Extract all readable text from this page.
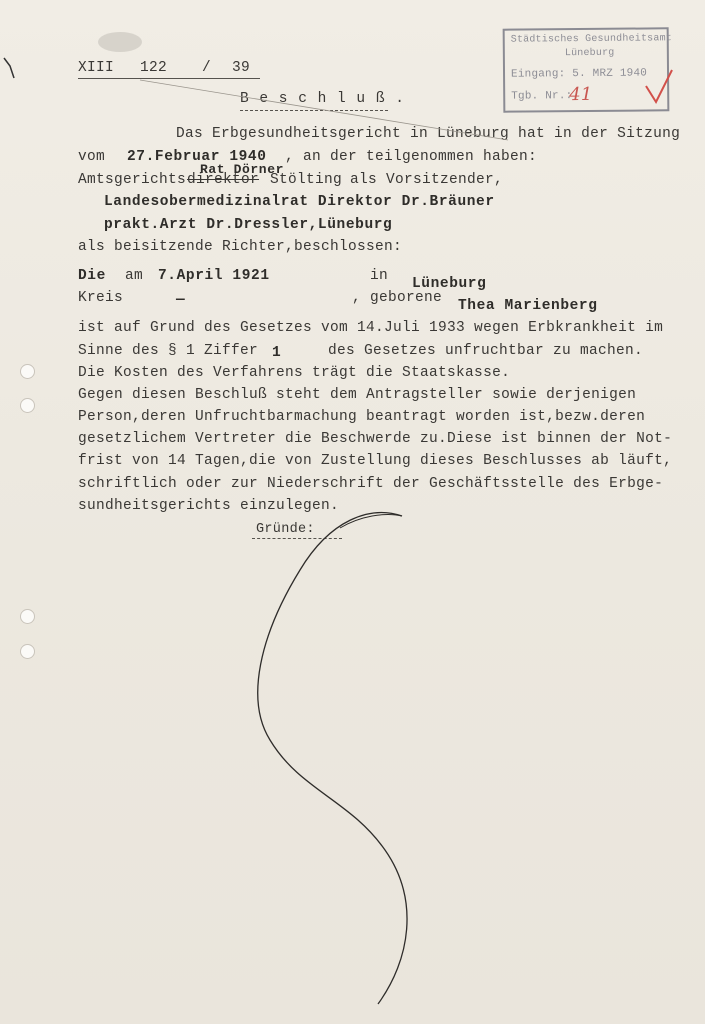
XIII 122 / 39
B e s c h l u ß .
Das Erbgesundheitsgericht in Lüneburg hat in der Sitzung
vom 27.Februar 1940 , an der teilgenommen haben:
Amtsgerichts direktor
Rat Dörner
Stölting als Vorsitzender,
Landesobermedizinalrat Direktor Dr.Bräuner
prakt.Arzt Dr.Dressler,Lüneburg
als beisitzende Richter,beschlossen:
Die am 7.April 1921	in Lüneburg
Kreis	—	, geborene Thea Marienberg
ist auf Grund des Gesetzes vom 14.Juli 1933 wegen Erbkrankheit im
Sinne des § 1 Ziffer 1	des Gesetzes unfruchtbar zu machen.
Die Kosten des Verfahrens trägt die Staatskasse.
Gegen diesen Beschluß steht dem Antragsteller sowie derjenigen
Person,deren Unfruchtbarmachung beantragt worden ist,bezw.deren
gesetzlichem Vertreter die Beschwerde zu.Diese ist binnen der Not-
frist von 14 Tagen,die von Zustellung dieses Beschlusses ab läuft,
schriftlich oder zur Niederschrift der Geschäftsstelle des Erbge-
sundheitsgerichts einzulegen.
Gründe:
Städtisches Gesundheitsamt
Lüneburg
Eingang: 5. MRZ 1940
Tgb. Nr.:
41
